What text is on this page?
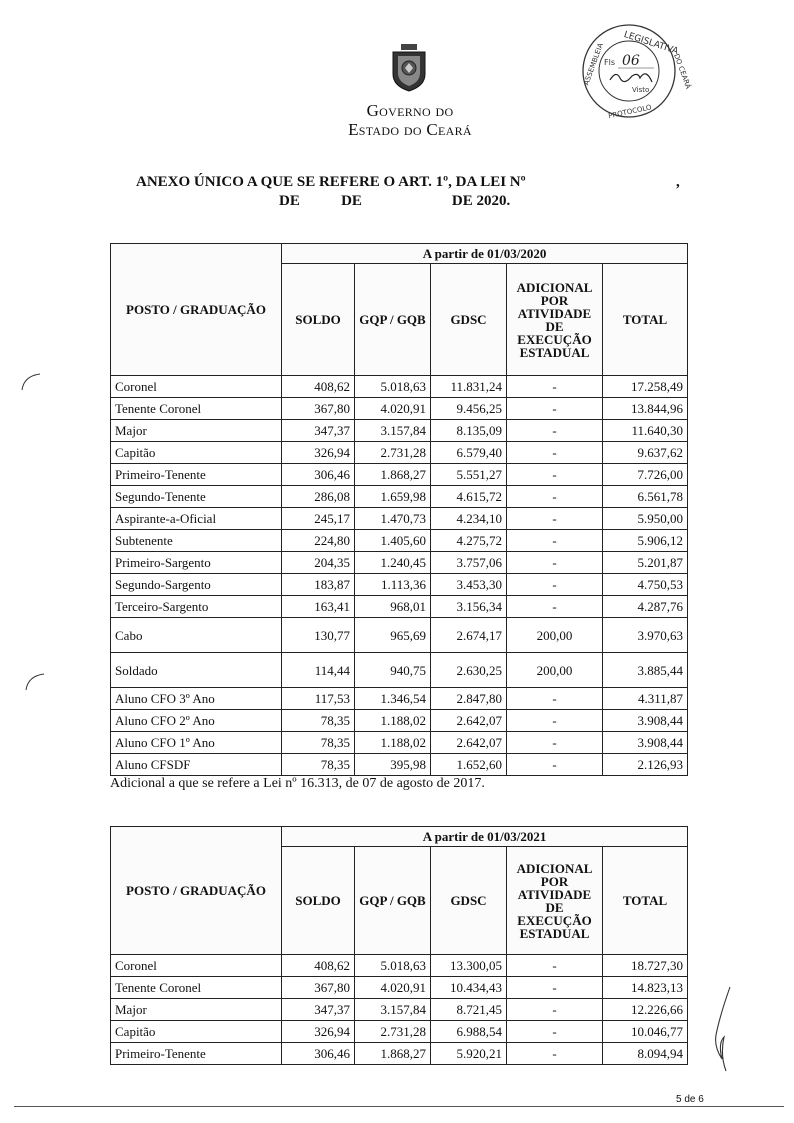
Governo do
Estado do Ceará
LEGISLATIVA
ASSEMBLEIA	DO CEARÁ
PROTOCOLO
Fls 06
Visto
ANEXO ÚNICO A QUE SE REFERE O ART. 1º, DA LEI Nº	,
DE           DE                        DE 2020.
POSTO / GRADUAÇÃO	A partir de 01/03/2020				
	SOLDO	GQP / GQB	GDSC	ADICIONAL POR ATIVIDADE DE EXECUÇÃO ESTADUAL	TOTAL
Coronel	408,62	5.018,63	11.831,24	-	17.258,49
Tenente Coronel	367,80	4.020,91	9.456,25	-	13.844,96
Major	347,37	3.157,84	8.135,09	-	11.640,30
Capitão	326,94	2.731,28	6.579,40	-	9.637,62
Primeiro-Tenente	306,46	1.868,27	5.551,27	-	7.726,00
Segundo-Tenente	286,08	1.659,98	4.615,72	-	6.561,78
Aspirante-a-Oficial	245,17	1.470,73	4.234,10	-	5.950,00
Subtenente	224,80	1.405,60	4.275,72	-	5.906,12
Primeiro-Sargento	204,35	1.240,45	3.757,06	-	5.201,87
Segundo-Sargento	183,87	1.113,36	3.453,30	-	4.750,53
Terceiro-Sargento	163,41	968,01	3.156,34	-	4.287,76
Cabo	130,77	965,69	2.674,17	200,00	3.970,63
Soldado	114,44	940,75	2.630,25	200,00	3.885,44
Aluno CFO 3º Ano	117,53	1.346,54	2.847,80	-	4.311,87
Aluno CFO 2º Ano	78,35	1.188,02	2.642,07	-	3.908,44
Aluno CFO 1º Ano	78,35	1.188,02	2.642,07	-	3.908,44
Aluno CFSDF	78,35	395,98	1.652,60	-	2.126,93
Adicional a que se refere a Lei nº 16.313, de 07 de agosto de 2017.
POSTO / GRADUAÇÃO	A partir de 01/03/2021				
	SOLDO	GQP / GQB	GDSC	ADICIONAL POR ATIVIDADE DE EXECUÇÃO ESTADUAL	TOTAL
Coronel	408,62	5.018,63	13.300,05	-	18.727,30
Tenente Coronel	367,80	4.020,91	10.434,43	-	14.823,13
Major	347,37	3.157,84	8.721,45	-	12.226,66
Capitão	326,94	2.731,28	6.988,54	-	10.046,77
Primeiro-Tenente	306,46	1.868,27	5.920,21	-	8.094,94
5 de 6
